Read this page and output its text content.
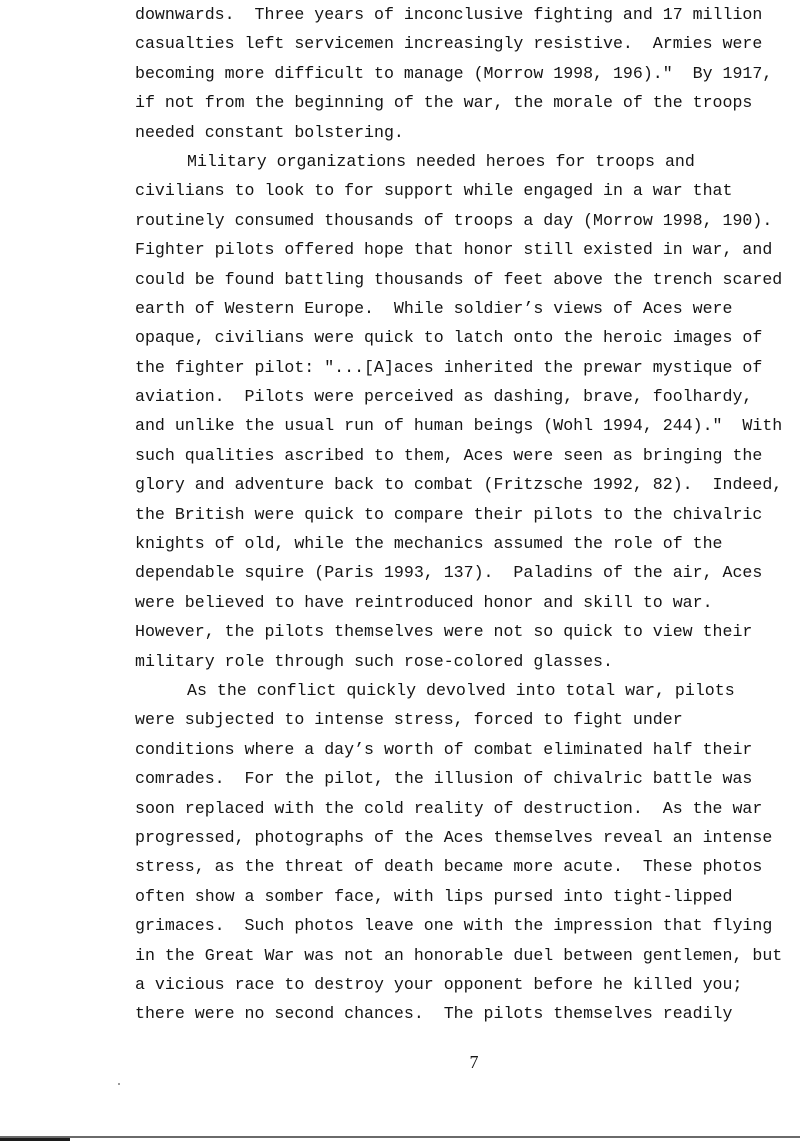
downwards.  Three years of inconclusive fighting and 17 million
casualties left servicemen increasingly resistive.  Armies were
becoming more difficult to manage (Morrow 1998, 196)."  By 1917,
if not from the beginning of the war, the morale of the troops
needed constant bolstering.
Military organizations needed heroes for troops and
civilians to look to for support while engaged in a war that
routinely consumed thousands of troops a day (Morrow 1998, 190).
Fighter pilots offered hope that honor still existed in war, and
could be found battling thousands of feet above the trench scared
earth of Western Europe.  While soldier’s views of Aces were
opaque, civilians were quick to latch onto the heroic images of
the fighter pilot: "...[A]aces inherited the prewar mystique of
aviation.  Pilots were perceived as dashing, brave, foolhardy,
and unlike the usual run of human beings (Wohl 1994, 244)."  With
such qualities ascribed to them, Aces were seen as bringing the
glory and adventure back to combat (Fritzsche 1992, 82).  Indeed,
the British were quick to compare their pilots to the chivalric
knights of old, while the mechanics assumed the role of the
dependable squire (Paris 1993, 137).  Paladins of the air, Aces
were believed to have reintroduced honor and skill to war.
However, the pilots themselves were not so quick to view their
military role through such rose-colored glasses.
As the conflict quickly devolved into total war, pilots
were subjected to intense stress, forced to fight under
conditions where a day’s worth of combat eliminated half their
comrades.  For the pilot, the illusion of chivalric battle was
soon replaced with the cold reality of destruction.  As the war
progressed, photographs of the Aces themselves reveal an intense
stress, as the threat of death became more acute.  These photos
often show a somber face, with lips pursed into tight-lipped
grimaces.  Such photos leave one with the impression that flying
in the Great War was not an honorable duel between gentlemen, but
a vicious race to destroy your opponent before he killed you;
there were no second chances.  The pilots themselves readily
7
